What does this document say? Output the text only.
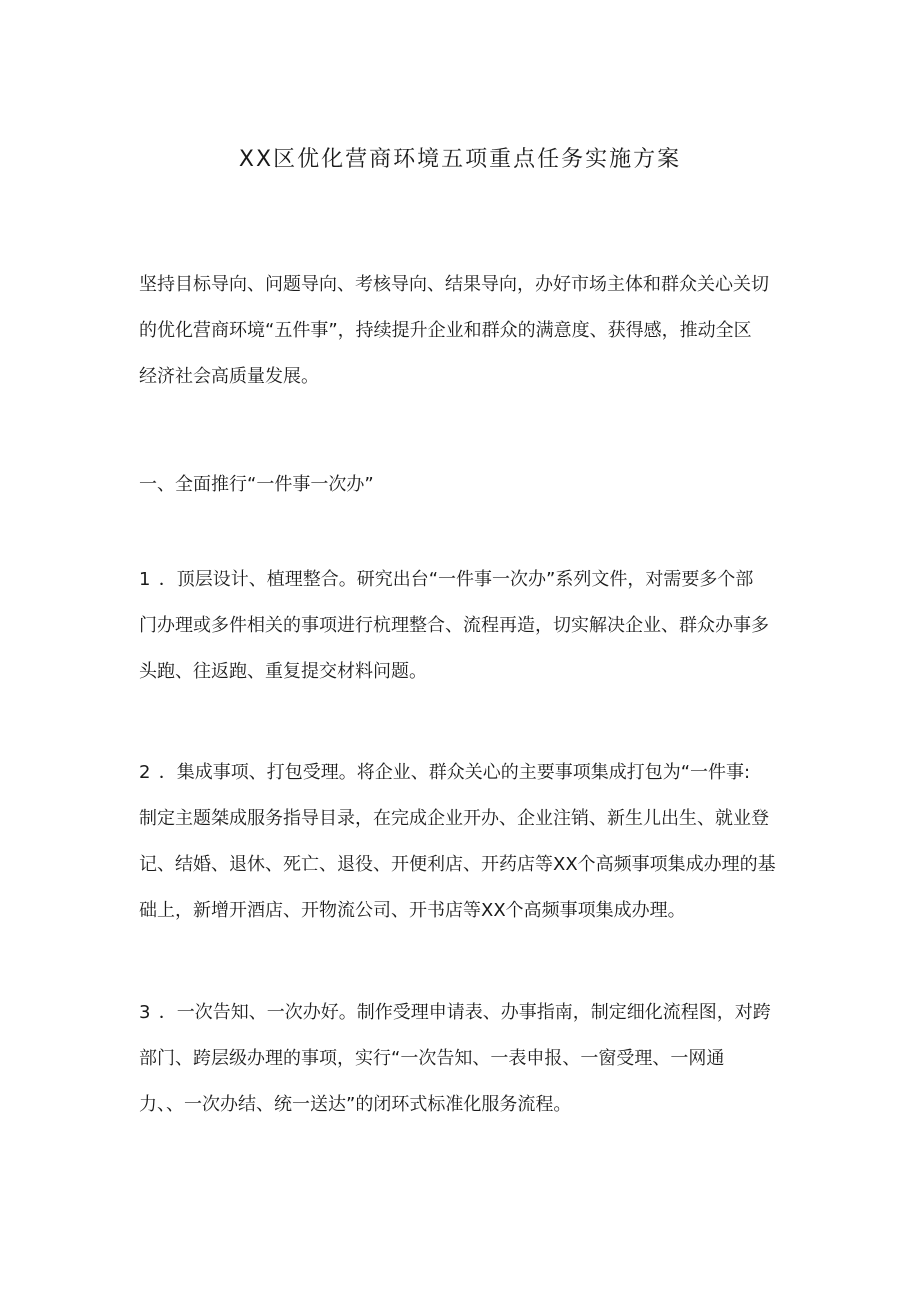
XX区优化营商环境五项重点任务实施方案
坚持目标导向、问题导向、考核导向、结果导向，办好市场主体和群众关心关切
的优化营商环境“五件事”，持续提升企业和群众的满意度、获得感，推动全区
经济社会高质量发展。
一、全面推行“一件事一次办”
1 ．顶层设计、植理整合。研究出台“一件事一次办”系列文件，对需要多个部
门办理或多件相关的事项进行杭理整合、流程再造，切实解决企业、群众办事多
头跑、往返跑、重复提交材料问题。
2 ．集成事项、打包受理。将企业、群众关心的主要事项集成打包为“一件事:
制定主题桀成服务指导目录，在完成企业开办、企业注销、新生儿出生、就业登
记、结婚、退休、死亡、退役、开便利店、开药店等XX个高频事项集成办理的基
础上，新增开酒店、开物流公司、开书店等XX个高频事项集成办理。
3 ．一次告知、一次办好。制作受理申请表、办事指南，制定细化流程图，对跨
部门、跨层级办理的事项，实行“一次告知、一表申报、一窗受理、一网通
力、、一次办结、统一送达”的闭环式标准化服务流程。
